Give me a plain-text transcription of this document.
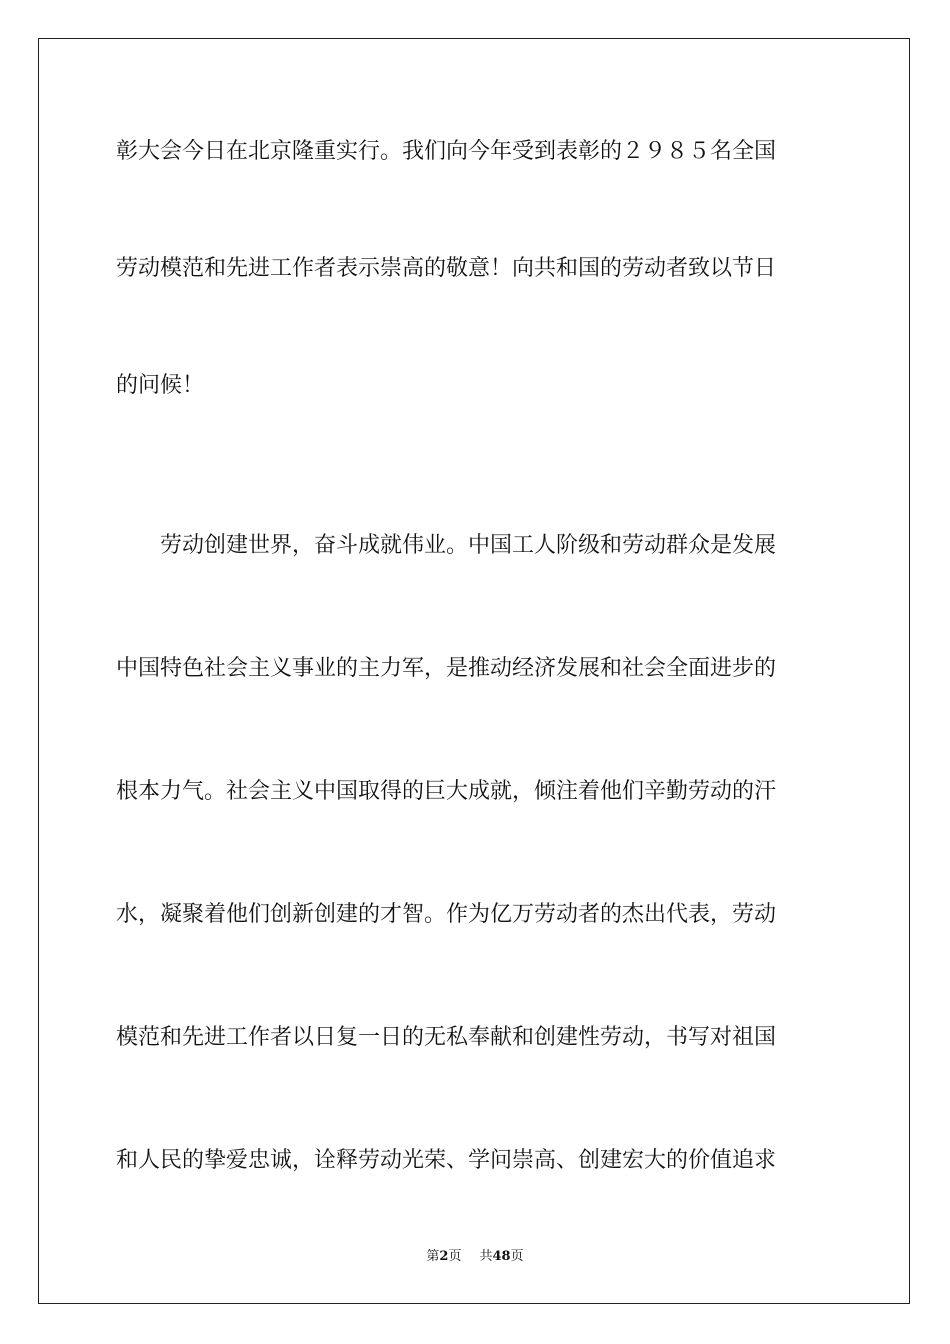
彰大会今日在北京隆重实行。我们向今年受到表彰的２９８５名全国

劳动模范和先进工作者表示崇高的敬意！向共和国的劳动者致以节日

的问候！

　　劳动创建世界，奋斗成就伟业。中国工人阶级和劳动群众是发展

中国特色社会主义事业的主力军，是推动经济发展和社会全面进步的

根本力气。社会主义中国取得的巨大成就，倾注着他们辛勤劳动的汗

水，凝聚着他们创新创建的才智。作为亿万劳动者的杰出代表，劳动

模范和先进工作者以日复一日的无私奉献和创建性劳动，书写对祖国

和人民的挚爱忠诚，诠释劳动光荣、学问崇高、创建宏大的价值追求

第2页 共48页
